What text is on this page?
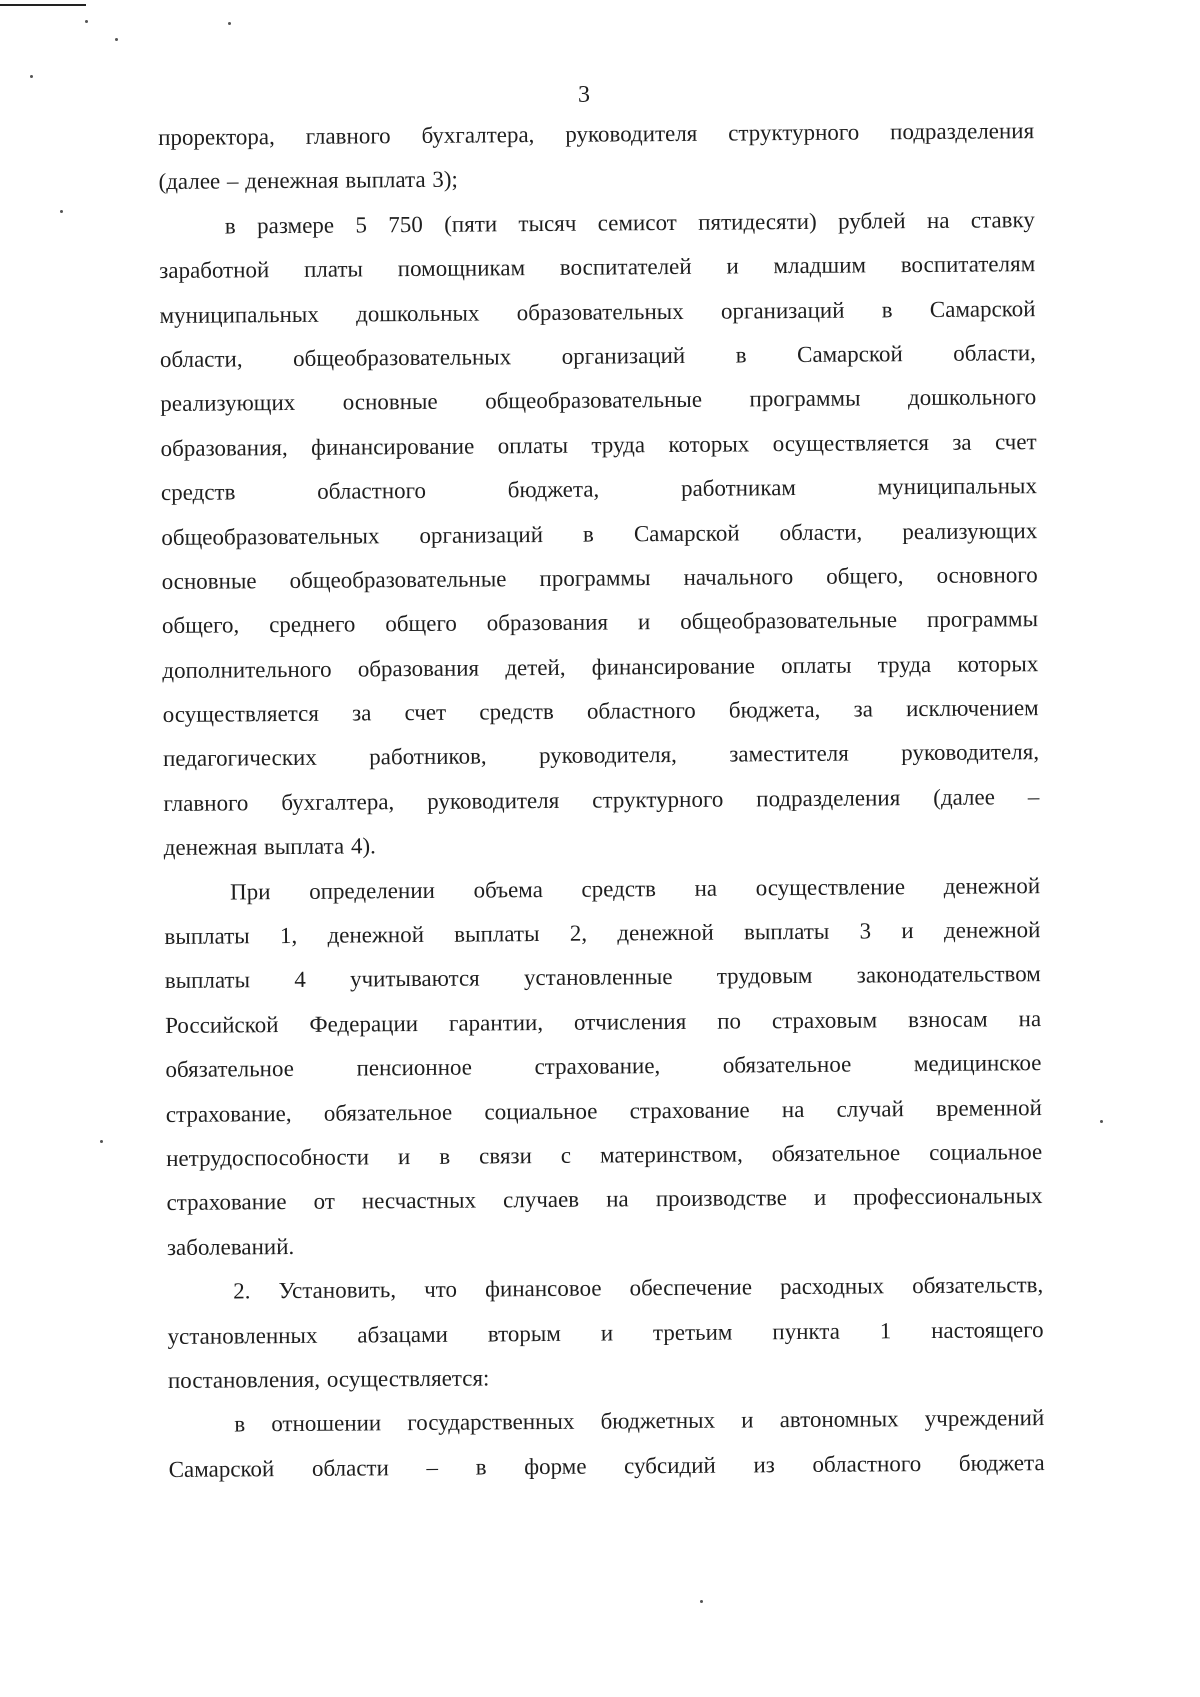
3
проректора, главного бухгалтера, руководителя структурного подразделения
(далее – денежная выплата 3);
в размере 5 750 (пяти тысяч семисот пятидесяти) рублей на ставку
заработной платы помощникам воспитателей и младшим воспитателям
муниципальных дошкольных образовательных организаций в Самарской
области, общеобразовательных организаций в Самарской области,
реализующих основные общеобразовательные программы дошкольного
образования, финансирование оплаты труда которых осуществляется за счет
средств областного бюджета, работникам муниципальных
общеобразовательных организаций в Самарской области, реализующих
основные общеобразовательные программы начального общего, основного
общего, среднего общего образования и общеобразовательные программы
дополнительного образования детей, финансирование оплаты труда которых
осуществляется за счет средств областного бюджета, за исключением
педагогических работников, руководителя, заместителя руководителя,
главного бухгалтера, руководителя структурного подразделения (далее –
денежная выплата 4).
При определении объема средств на осуществление денежной
выплаты 1, денежной выплаты 2, денежной выплаты 3 и денежной
выплаты 4 учитываются установленные трудовым законодательством
Российской Федерации гарантии, отчисления по страховым взносам на
обязательное пенсионное страхование, обязательное медицинское
страхование, обязательное социальное страхование на случай временной
нетрудоспособности и в связи с материнством, обязательное социальное
страхование от несчастных случаев на производстве и профессиональных
заболеваний.
2. Установить, что финансовое обеспечение расходных обязательств,
установленных абзацами вторым и третьим пункта 1 настоящего
постановления, осуществляется:
в отношении государственных бюджетных и автономных учреждений
Самарской области – в форме субсидий из областного бюджета
